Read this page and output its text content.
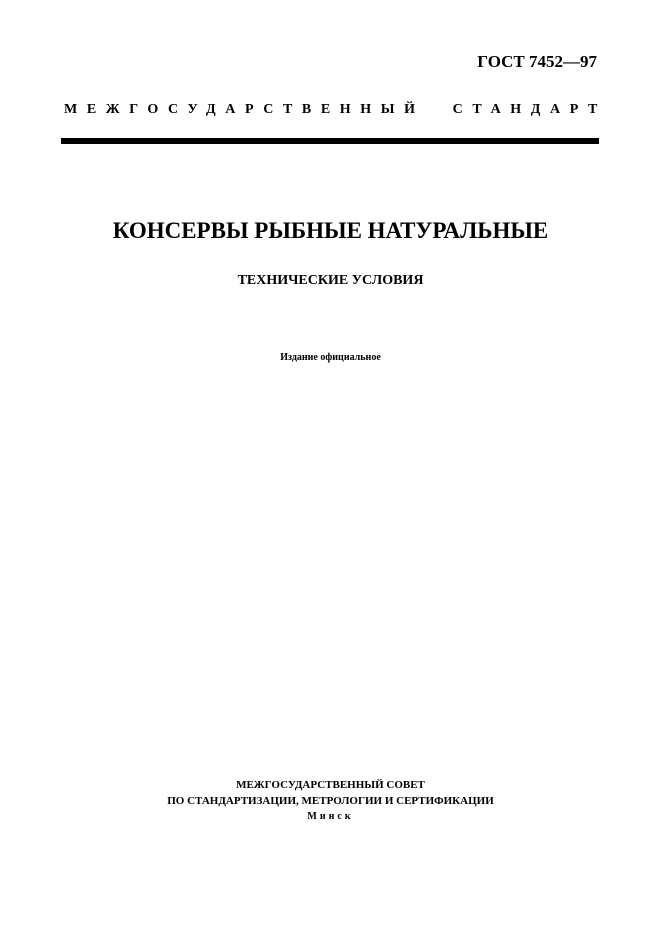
ГОСТ 7452—97
МЕЖГОСУДАРСТВЕННЫЙ СТАНДАРТ
КОНСЕРВЫ РЫБНЫЕ НАТУРАЛЬНЫЕ
ТЕХНИЧЕСКИЕ УСЛОВИЯ
Издание официальное
МЕЖГОСУДАРСТВЕННЫЙ СОВЕТ
ПО СТАНДАРТИЗАЦИИ, МЕТРОЛОГИИ И СЕРТИФИКАЦИИ
Минск
